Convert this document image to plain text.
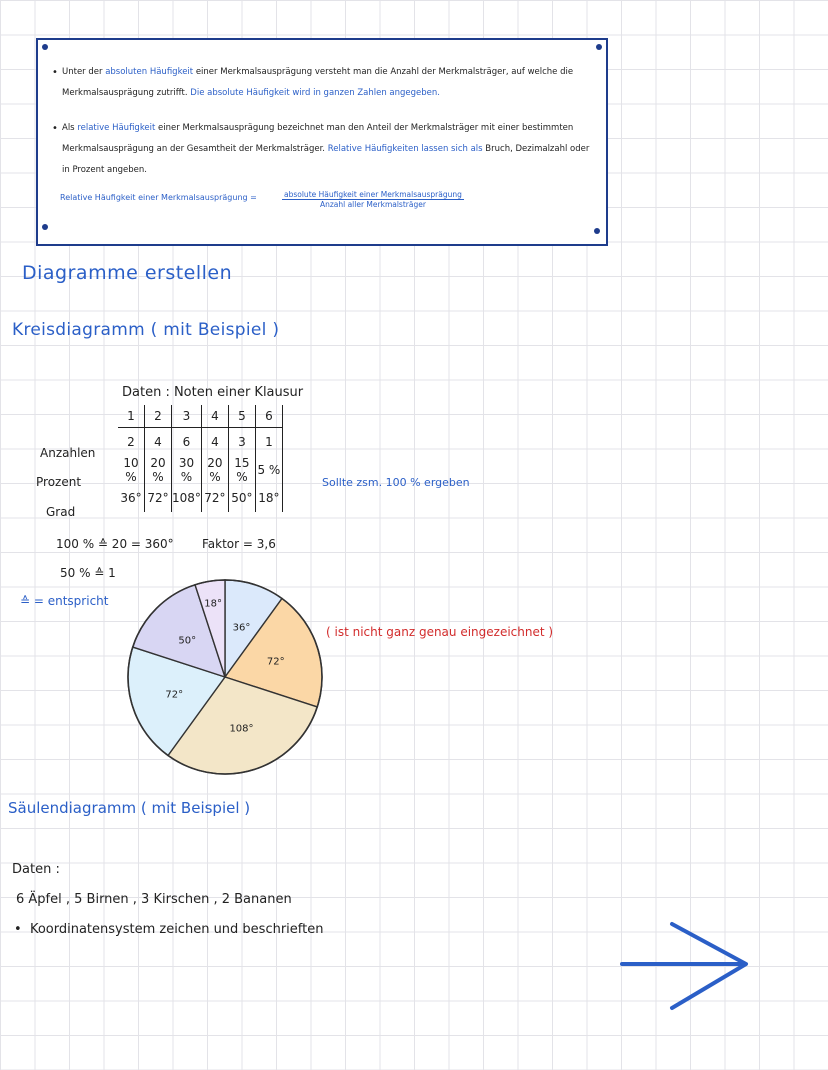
• Unter der absoluten Häufigkeit einer Merkmalsausprägung versteht man die Anzahl der Merkmalsträger, auf welche die Merkmalsausprägung zutrifft. Die absolute Häufigkeit wird in ganzen Zahlen angegeben.
• Als relative Häufigkeit einer Merkmalsausprägung bezeichnet man den Anteil der Merkmalsträger mit einer bestimmten Merkmalsausprägung an der Gesamtheit der Merkmalsträger. Relative Häufigkeiten lassen sich als Bruch, Dezimalzahl oder in Prozent angeben.
Relative Häufigkeit einer Merkmalsausprägung =	absolute Häufigkeit einer Merkmalsausprägung
Anzahl aller Merkmalsträger
Diagramme erstellen
Kreisdiagramm ( mit Beispiel )
Daten : Noten einer Klausur
1	2	3	4	5	6
2	4	6	4	3	1
10 %	20 %	30 %	20 %	15 %	5 %
36°	72°	108°	72°	50°	18°
Anzahlen
Prozent
Grad
Sollte zsm. 100 % ergeben
100 % ≙ 20 = 360° Faktor = 3,6
50 % ≙ 1
≙ = entspricht
36°
72°
108°
72°
50°
18°
( ist nicht ganz genau eingezeichnet )
Säulendiagramm ( mit Beispiel )
Daten :
6 Äpfel , 5 Birnen , 3 Kirschen , 2 Bananen
•  Koordinatensystem zeichen und beschrieften
